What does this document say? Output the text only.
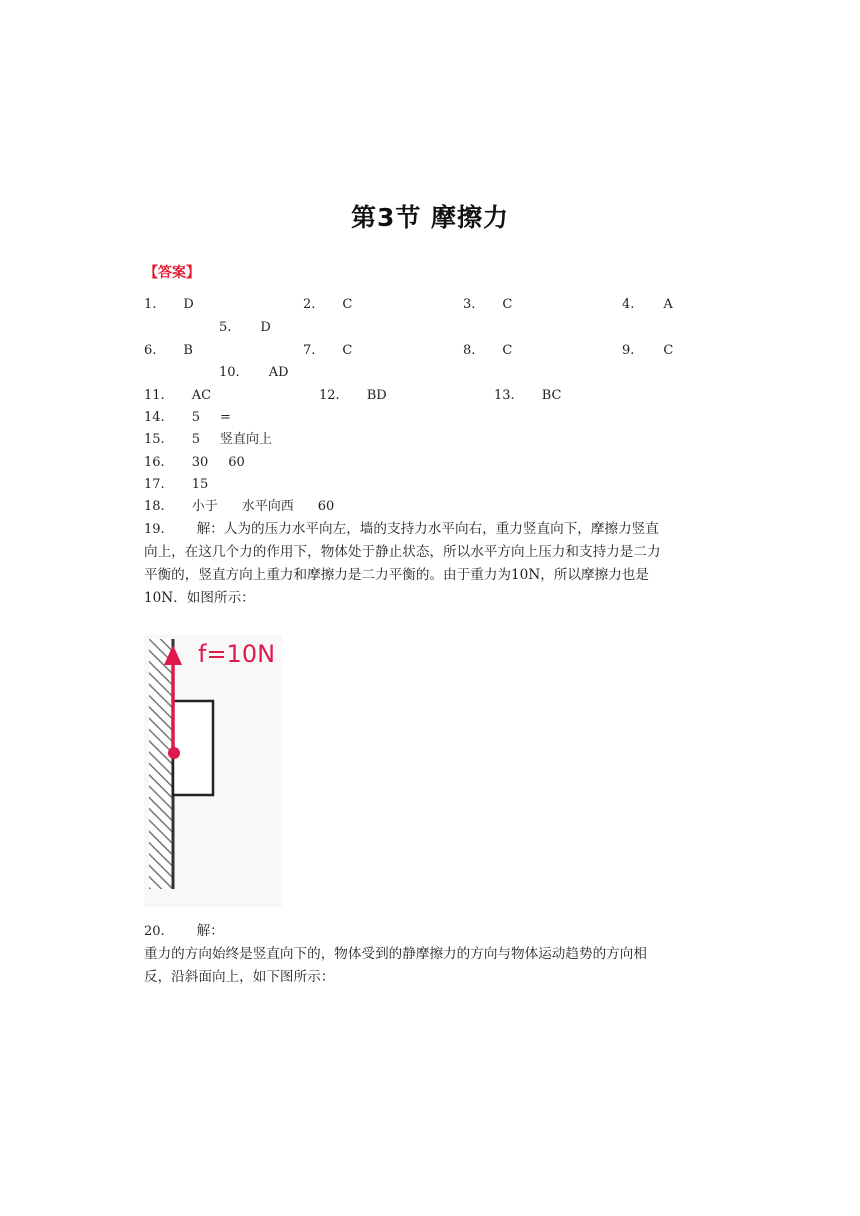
第3节 摩擦力
【答案】
1. D	2. C	3. C	4. A
5. D
6. B	7. C	8. C	9. C
10. AD
11. AC	12. BD	13. BC
14. 5 =
15. 5 竖直向上
16. 30 60
17. 15
18. 小于 水平向西 60
19. 解：人为的压力水平向左，墙的支持力水平向右，重力竖直向下，摩擦力竖直
向上，在这几个力的作用下，物体处于静止状态，所以水平方向上压力和支持力是二力
平衡的，竖直方向上重力和摩擦力是二力平衡的。由于重力为10N，所以摩擦力也是
10N．如图所示：
f=10N
20. 解：
重力的方向始终是竖直向下的，物体受到的静摩擦力的方向与物体运动趋势的方向相
反，沿斜面向上，如下图所示：
